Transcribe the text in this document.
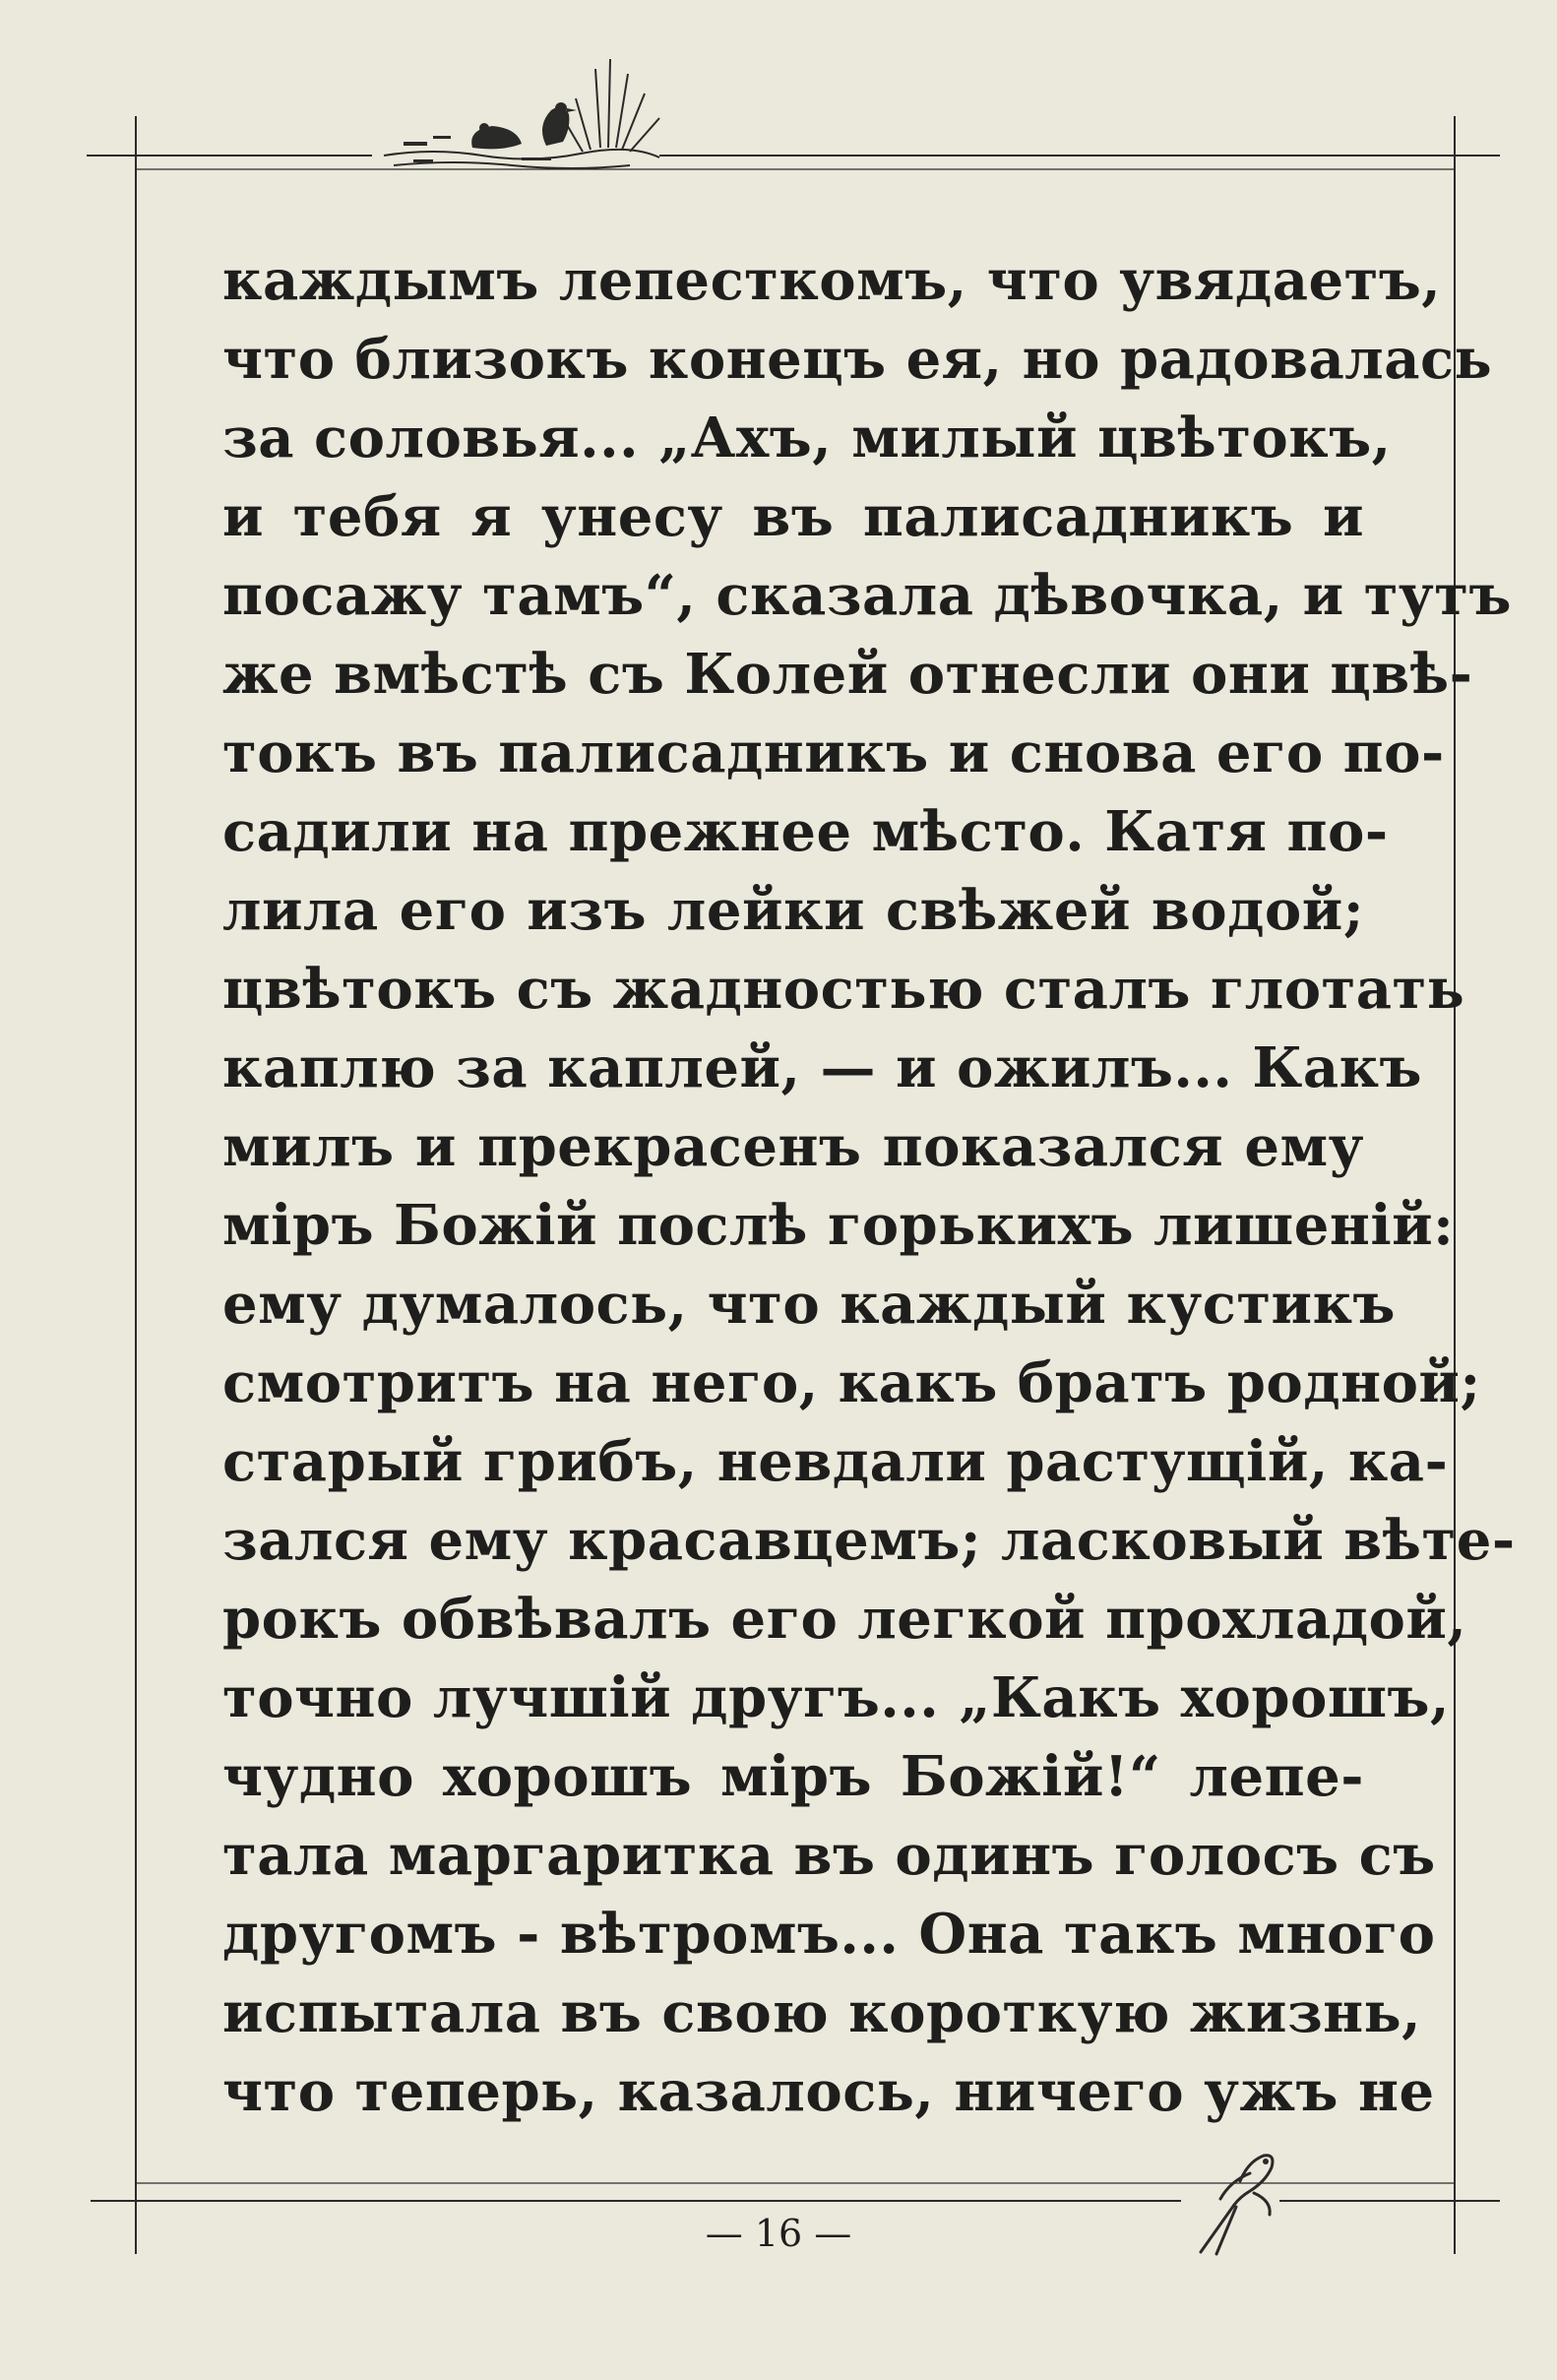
каждымъ лепесткомъ, что увядаетъ,
что близокъ конецъ ея, но радовалась
за соловья... „Ахъ, милый цвѣтокъ,
и тебя я унесу въ палисадникъ и
посажу тамъ“, сказала дѣвочка, и тутъ
же вмѣстѣ съ Колей отнесли они цвѣ-
токъ въ палисадникъ и снова его по-
садили на прежнее мѣсто. Катя по-
лила его изъ лейки свѣжей водой;
цвѣтокъ съ жадностью сталъ глотать
каплю за каплей, — и ожилъ... Какъ
милъ и прекрасенъ показался ему
міръ Божій послѣ горькихъ лишеній:
ему думалось, что каждый кустикъ
смотритъ на него, какъ братъ родной;
старый грибъ, невдали растущій, ка-
зался ему красавцемъ; ласковый вѣте-
рокъ обвѣвалъ его легкой прохладой,
точно лучшій другъ... „Какъ хорошъ,
чудно хорошъ міръ Божій!“ лепе-
тала маргаритка въ одинъ голосъ съ
другомъ - вѣтромъ... Она такъ много
испытала въ свою короткую жизнь,
что теперь, казалось, ничего ужъ не
— 16 —
